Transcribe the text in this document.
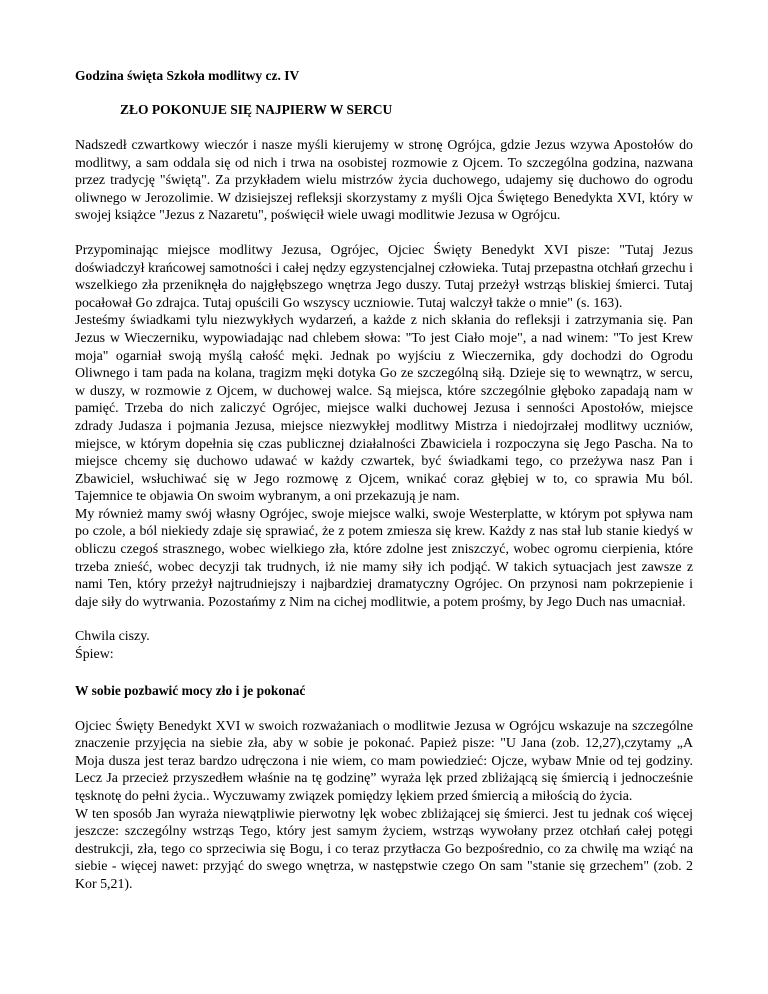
Godzina święta Szkoła modlitwy cz. IV
ZŁO POKONUJE SIĘ NAJPIERW W SERCU

Nadszedł czwartkowy wieczór i nasze myśli kierujemy w stronę Ogrójca, gdzie Jezus wzywa Apostołów do modlitwy, a sam oddala się od nich i trwa na osobistej rozmowie z Ojcem. To szczególna godzina, nazwana przez tradycję "świętą". Za przykładem wielu mistrzów życia duchowego, udajemy się duchowo do ogrodu oliwnego w Jerozolimie. W dzisiejszej refleksji skorzystamy z myśli Ojca Świętego Benedykta XVI, który w swojej książce "Jezus z Nazaretu", poświęcił wiele uwagi modlitwie Jezusa w Ogrójcu.

Przypominając miejsce modlitwy Jezusa, Ogrójec, Ojciec Święty Benedykt XVI pisze: "Tutaj Jezus doświadczył krańcowej samotności i całej nędzy egzystencjalnej człowieka. Tutaj przepastna otchłań grzechu i wszelkiego zła przeniknęła do najgłębszego wnętrza Jego duszy. Tutaj przeżył wstrząs bliskiej śmierci. Tutaj pocałował Go zdrajca. Tutaj opuścili Go wszyscy uczniowie. Tutaj walczył także o mnie" (s. 163).

Jesteśmy świadkami tylu niezwykłych wydarzeń, a każde z nich skłania do refleksji i zatrzymania się. Pan Jezus w Wieczerniku, wypowiadając nad chlebem słowa: "To jest Ciało moje", a nad winem: "To jest Krew moja" ogarniał swoją myślą całość męki. Jednak po wyjściu z Wieczernika, gdy dochodzi do Ogrodu Oliwnego i tam pada na kolana, tragizm męki dotyka Go ze szczególną siłą. Dzieje się to wewnątrz, w sercu, w duszy, w rozmowie z Ojcem, w duchowej walce. Są miejsca, które szczególnie głęboko zapadają nam w pamięć. Trzeba do nich zaliczyć Ogrójec, miejsce walki duchowej Jezusa i senności Apostołów, miejsce zdrady Judasza i pojmania Jezusa, miejsce niezwykłej modlitwy Mistrza i niedojrzałej modlitwy uczniów, miejsce, w którym dopełnia się czas publicznej działalności Zbawiciela i rozpoczyna się Jego Pascha. Na to miejsce chcemy się duchowo udawać w każdy czwartek, być świadkami tego, co przeżywa nasz Pan i Zbawiciel, wsłuchiwać się w Jego rozmowę z Ojcem, wnikać coraz głębiej w to, co sprawia Mu ból. Tajemnice te objawia On swoim wybranym, a oni przekazują je nam.

My również mamy swój własny Ogrójec, swoje miejsce walki, swoje Westerplatte, w którym pot spływa nam po czole, a ból niekiedy zdaje się sprawiać, że z potem zmiesza się krew. Każdy z nas stał lub stanie kiedyś w obliczu czegoś strasznego, wobec wielkiego zła, które zdolne jest zniszczyć, wobec ogromu cierpienia, które trzeba znieść, wobec decyzji tak trudnych, iż nie mamy siły ich podjąć. W takich sytuacjach jest zawsze z nami Ten, który przeżył najtrudniejszy i najbardziej dramatyczny Ogrójec. On przynosi nam pokrzepienie i daje siły do wytrwania. Pozostańmy z Nim na cichej modlitwie, a potem prośmy, by Jego Duch nas umacniał.

Chwila ciszy.

Śpiew:

W sobie pozbawić mocy zło i je pokonać

Ojciec Święty Benedykt XVI w swoich rozważaniach o modlitwie Jezusa w Ogrójcu wskazuje na szczególne znaczenie przyjęcia na siebie zła, aby w sobie je pokonać. Papież pisze: "U Jana (zob. 12,27),czytamy „A Moja dusza jest teraz bardzo udręczona i nie wiem, co mam powiedzieć: Ojcze, wybaw Mnie od tej godziny. Lecz Ja przecież przyszedłem właśnie na tę godzinę” wyraża lęk przed zbliżającą się śmiercią i jednocześnie tęsknotę do pełni życia.. Wyczuwamy związek pomiędzy lękiem przed śmiercią a miłością do życia.

W ten sposób Jan wyraża niewątpliwie pierwotny lęk wobec zbliżającej się śmierci. Jest tu jednak coś więcej jeszcze: szczególny wstrząs Tego, który jest samym życiem, wstrząs wywołany przez otchłań całej potęgi destrukcji, zła, tego co sprzeciwia się Bogu, i co teraz przytłacza Go bezpośrednio, co za chwilę ma wziąć na siebie - więcej nawet: przyjąć do swego wnętrza, w następstwie czego On sam "stanie się grzechem" (zob. 2 Kor 5,21).
